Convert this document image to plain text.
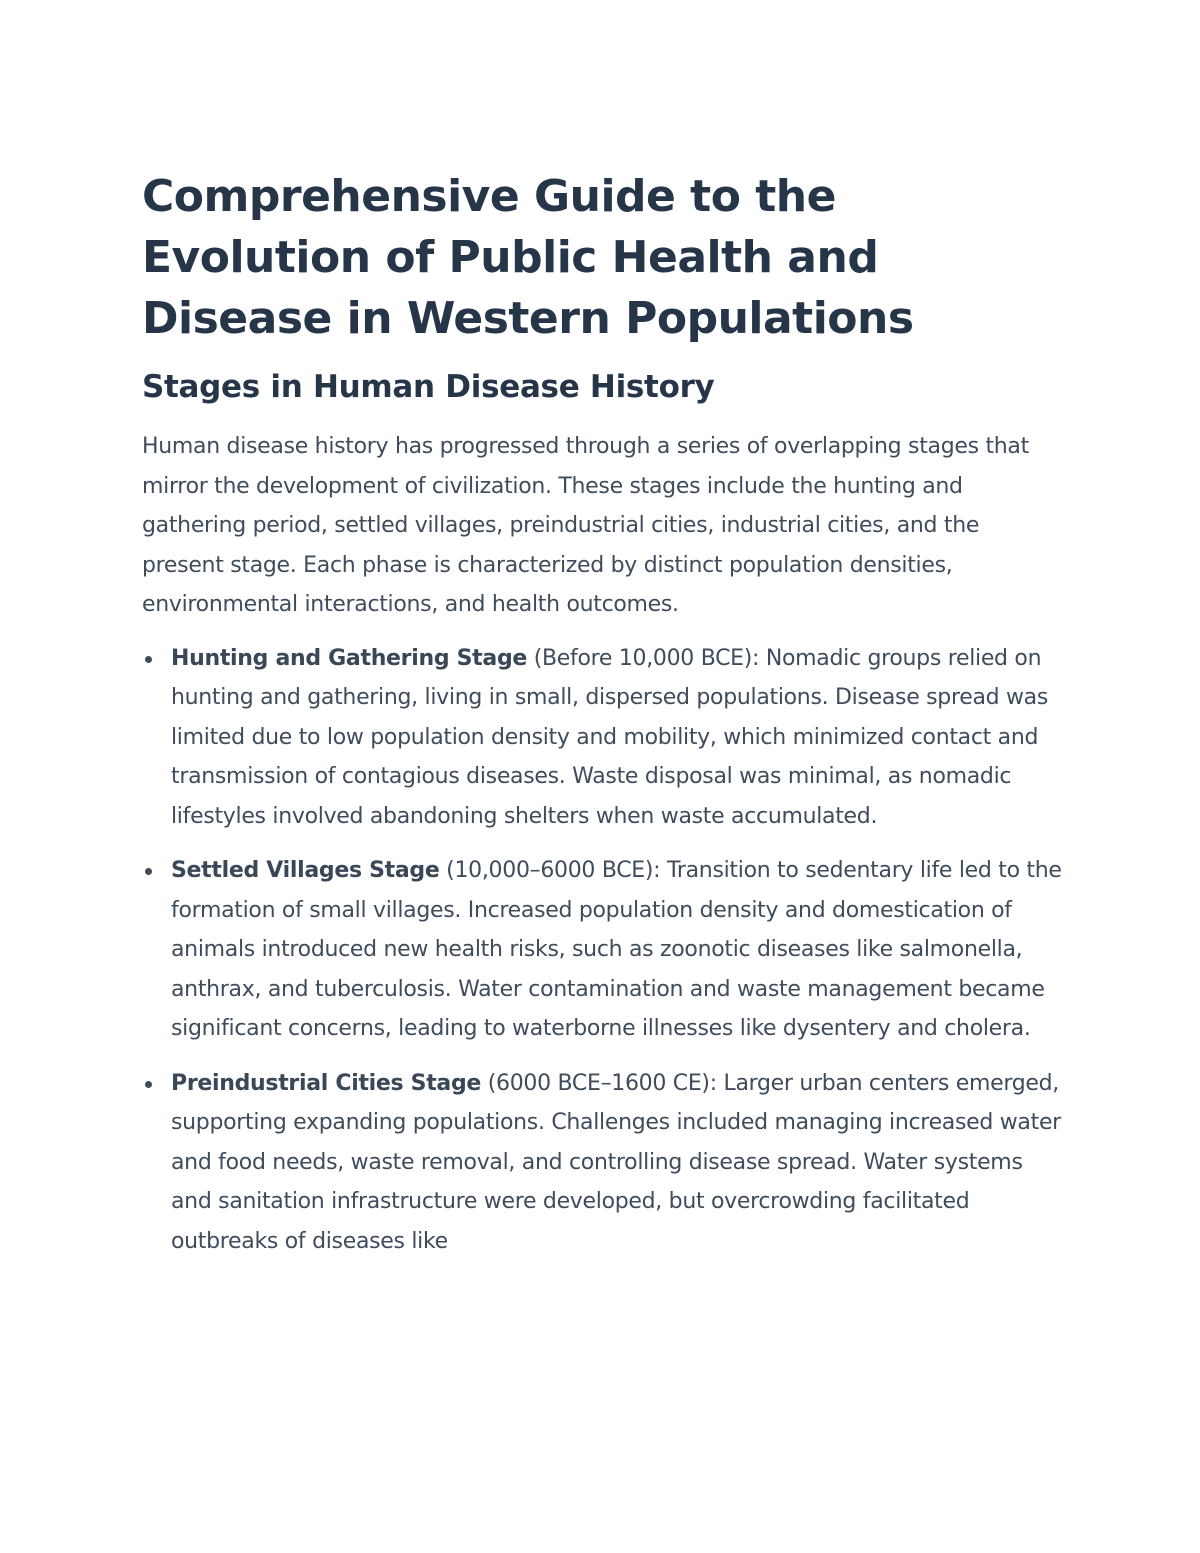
Comprehensive Guide to the Evolution of Public Health and Disease in Western Populations
Stages in Human Disease History

Human disease history has progressed through a series of overlapping stages that mirror the development of civilization. These stages include the hunting and gathering period, settled villages, preindustrial cities, industrial cities, and the present stage. Each phase is characterized by distinct population densities, environmental interactions, and health outcomes.

Hunting and Gathering Stage (Before 10,000 BCE): Nomadic groups relied on hunting and gathering, living in small, dispersed populations. Disease spread was limited due to low population density and mobility, which minimized contact and transmission of contagious diseases. Waste disposal was minimal, as nomadic lifestyles involved abandoning shelters when waste accumulated.
Settled Villages Stage (10,000–6000 BCE): Transition to sedentary life led to the formation of small villages. Increased population density and domestication of animals introduced new health risks, such as zoonotic diseases like salmonella, anthrax, and tuberculosis. Water contamination and waste management became significant concerns, leading to waterborne illnesses like dysentery and cholera.
Preindustrial Cities Stage (6000 BCE–1600 CE): Larger urban centers emerged, supporting expanding populations. Challenges included managing increased water and food needs, waste removal, and controlling disease spread. Water systems and sanitation infrastructure were developed, but overcrowding facilitated outbreaks of diseases like
